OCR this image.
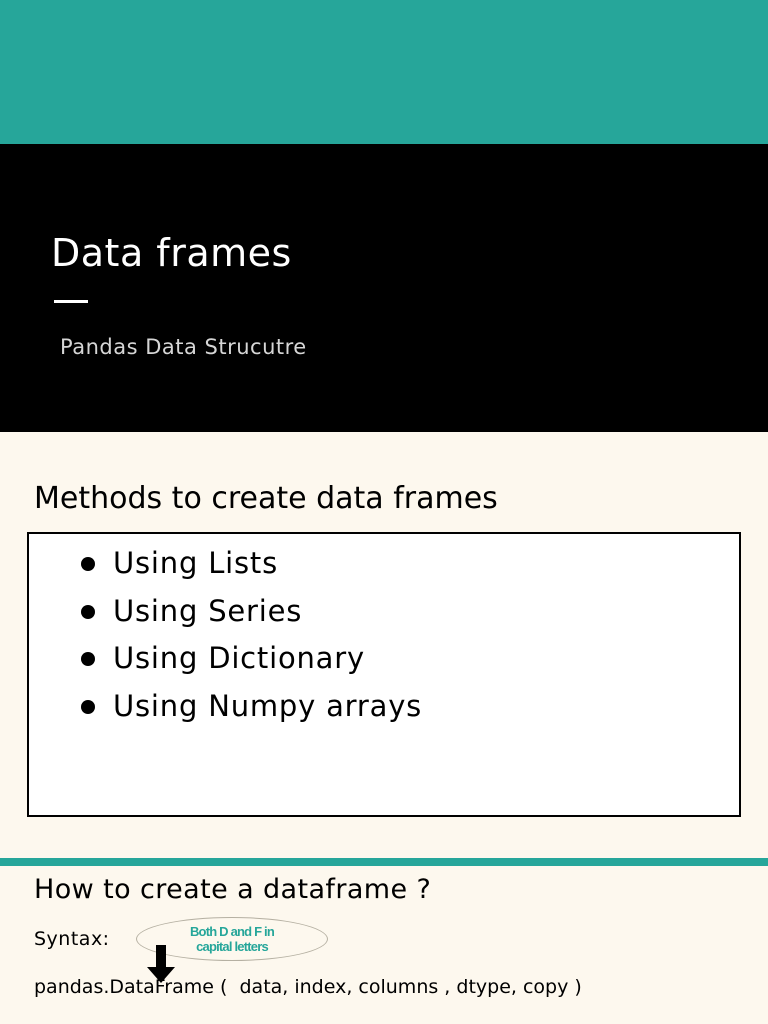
Data frames
Pandas Data Strucutre
Methods to create data frames
Using Lists
Using Series
Using Dictionary
Using Numpy arrays
How to create a dataframe ?
Syntax:	Both D and F in capital letters
pandas.DataFrame (  data, index, columns , dtype, copy )
